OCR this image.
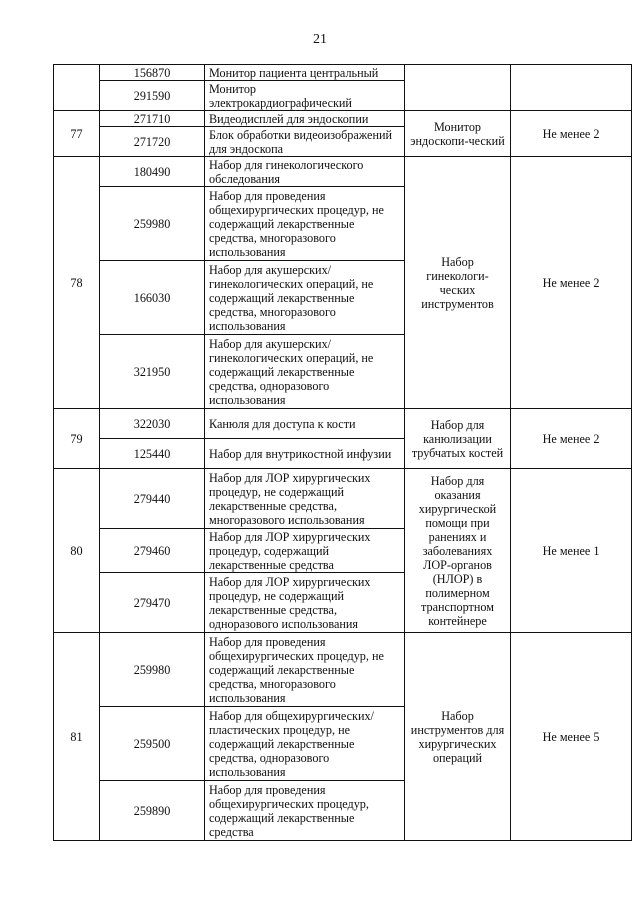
21
	156870	Монитор пациента центральный		
	291590	Монитор электрокардиографический		
77	271710	Видеодисплей для эндоскопии	Монитор эндоскопи-ческий	Не менее 2
	271720	Блок обработки видеоизображений для эндоскопа		
78	180490	Набор для гинекологического обследования	Набор гинекологи-ческих инструментов	Не менее 2
	259980	Набор для проведения общехирургических процедур, не содержащий лекарственные средства, многоразового использования		
	166030	Набор для акушерских/гинекологических операций, не содержащий лекарственные средства, многоразового использования		
	321950	Набор для акушерских/гинекологических операций, не содержащий лекарственные средства, одноразового использования		
79	322030	Канюля для доступа к кости	Набор для канюлизации трубчатых костей	Не менее 2
	125440	Набор для внутрикостной инфузии		
80	279440	Набор для ЛОР хирургических процедур, не содержащий лекарственные средства, многоразового использования	Набор для оказания хирургической помощи при ранениях и заболеваниях ЛОР-органов (НЛОР) в полимерном транспортном контейнере	Не менее 1
	279460	Набор для ЛОР хирургических процедур, содержащий лекарственные средства		
	279470	Набор для ЛОР хирургических процедур, не содержащий лекарственные средства, одноразового использования		
81	259980	Набор для проведения общехирургических процедур, не содержащий лекарственные средства, многоразового использования	Набор инструментов для хирургических операций	Не менее 5
	259500	Набор для общехирургических/ пластических процедур, не содержащий лекарственные средства, одноразового использования		
	259890	Набор для проведения общехирургических процедур, содержащий лекарственные средства		
